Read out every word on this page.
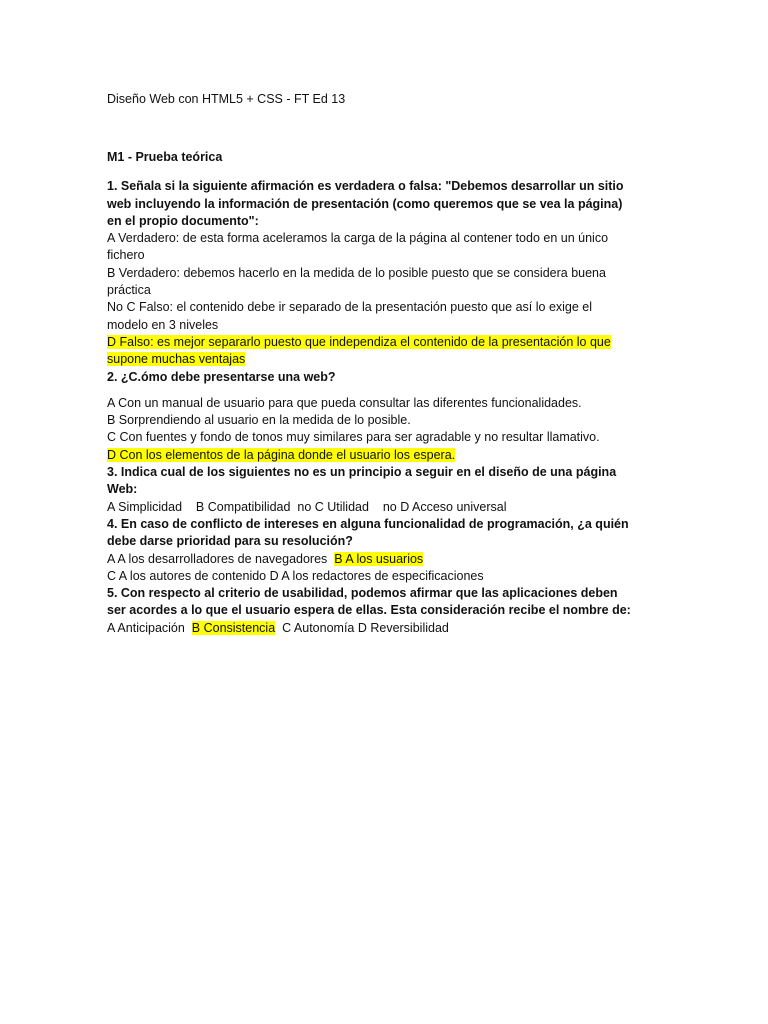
Diseño Web con HTML5 + CSS - FT Ed 13
M1 - Prueba teórica
1. Señala si la siguiente afirmación es verdadera o falsa: "Debemos desarrollar un sitio
web incluyendo la información de presentación (como queremos que se vea la página)
en el propio documento":
A Verdadero: de esta forma aceleramos la carga de la página al contener todo en un único
fichero
B Verdadero: debemos hacerlo en la medida de lo posible puesto que se considera buena
práctica
No C Falso: el contenido debe ir separado de la presentación puesto que así lo exige el
modelo en 3 niveles
D Falso: es mejor separarlo puesto que independiza el contenido de la presentación lo que
supone muchas ventajas
2. ¿C.ómo debe presentarse una web?
A Con un manual de usuario para que pueda consultar las diferentes funcionalidades.
B Sorprendiendo al usuario en la medida de lo posible.
C Con fuentes y fondo de tonos muy similares para ser agradable y no resultar llamativo.
D Con los elementos de la página donde el usuario los espera.
3. Indica cual de los siguientes no es un principio a seguir en el diseño de una página
Web:
A Simplicidad    B Compatibilidad  no C Utilidad    no D Acceso universal
4. En caso de conflicto de intereses en alguna funcionalidad de programación, ¿a quién
debe darse prioridad para su resolución?
A A los desarrolladores de navegadores  B A los usuarios
C A los autores de contenido D A los redactores de especificaciones
5. Con respecto al criterio de usabilidad, podemos afirmar que las aplicaciones deben
ser acordes a lo que el usuario espera de ellas. Esta consideración recibe el nombre de:
A Anticipación  B Consistencia  C Autonomía D Reversibilidad
